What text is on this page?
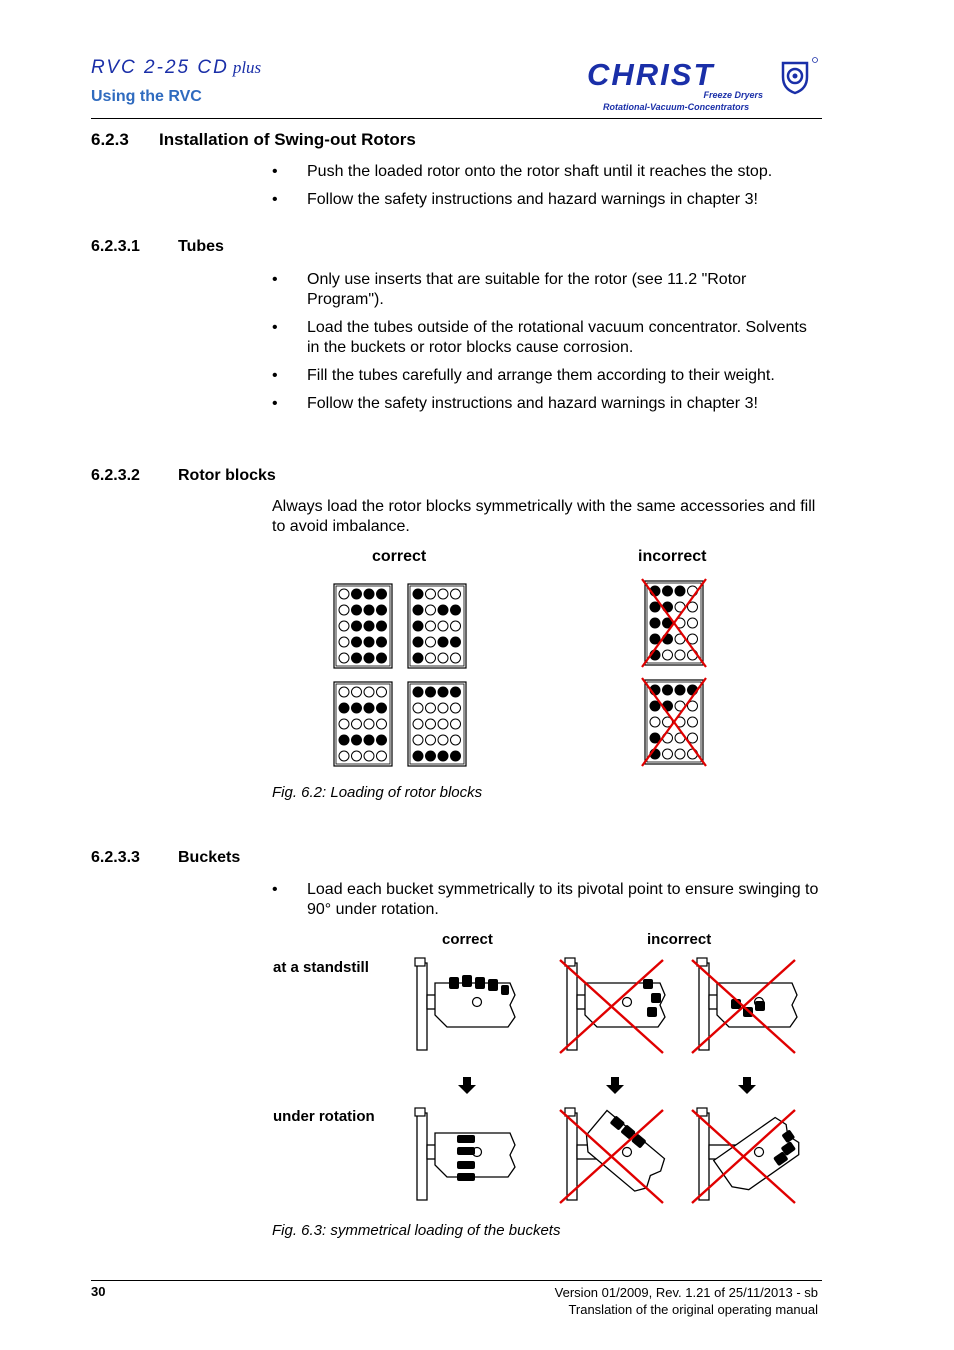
RVC 2-25 CD plus
Using the RVC
CHRIST
Freeze Dryers
Rotational-Vacuum-Concentrators
6.2.3 Installation of Swing-out Rotors
• Push the loaded rotor onto the rotor shaft until it reaches the stop.
• Follow the safety instructions and hazard warnings in chapter 3!
6.2.3.1 Tubes
• Only use inserts that are suitable for the rotor (see 11.2 "Rotor Program").
• Load the tubes outside of the rotational vacuum concentrator. Solvents in the buckets or rotor blocks cause corrosion.
• Fill the tubes carefully and arrange them according to their weight.
• Follow the safety instructions and hazard warnings in chapter 3!
6.2.3.2 Rotor blocks

Always load the rotor blocks symmetrically with the same accessories and fill to avoid imbalance.

correct	incorrect
Fig. 6.2: Loading of rotor blocks
6.2.3.3 Buckets
• Load each bucket symmetrically to its pivotal point to ensure swinging to 90° under rotation.
correct	incorrect
at a standstill
under rotation
Fig. 6.3: symmetrical loading of the buckets
30	Version 01/2009, Rev. 1.21 of 25/11/2013 - sb
Translation of the original operating manual
